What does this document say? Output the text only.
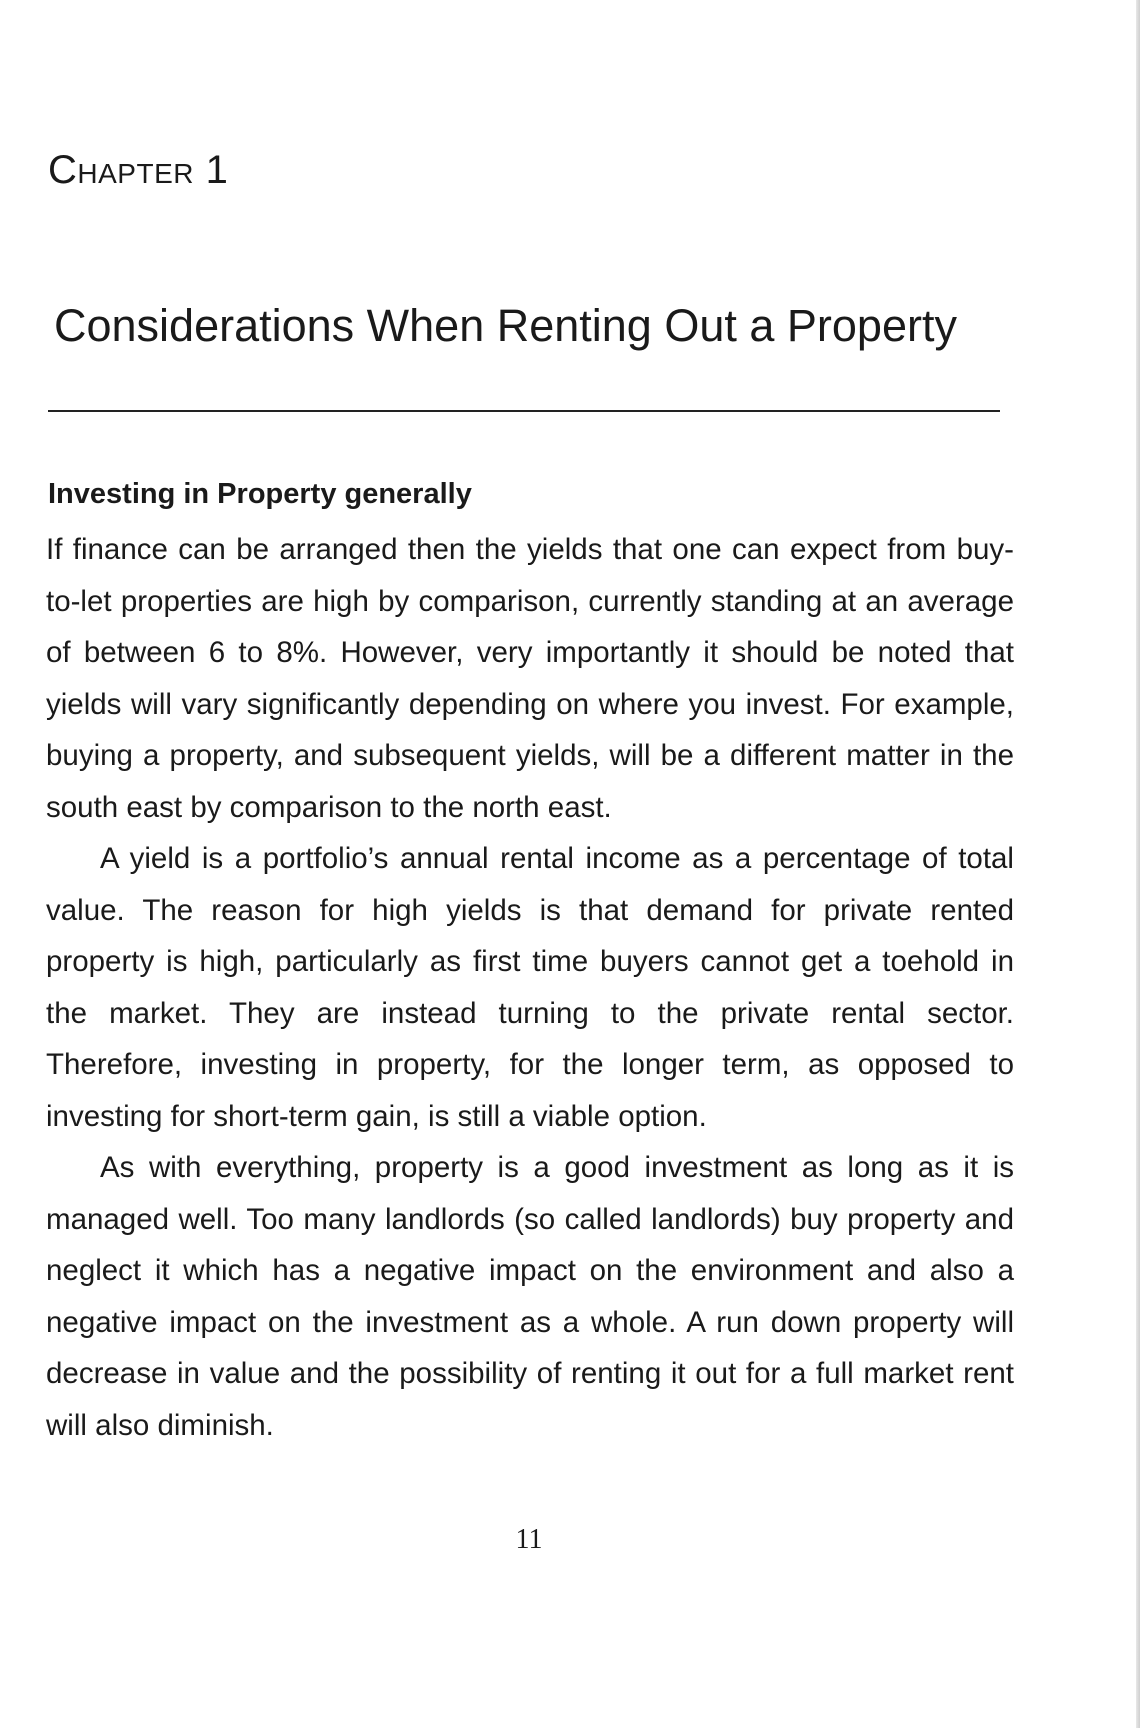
Chapter 1
Considerations When Renting Out a Property
Investing in Property generally

If finance can be arranged then the yields that one can expect from buy-to-let properties are high by comparison, currently standing at an average of between 6 to 8%. However, very importantly it should be noted that yields will vary significantly depending on where you invest. For example, buying a property, and subsequent yields, will be a different matter in the south east by comparison to the north east.

A yield is a portfolio’s annual rental income as a percentage of total value. The reason for high yields is that demand for private rented property is high, particularly as first time buyers cannot get a toehold in the market. They are instead turning to the private rental sector. Therefore, investing in property, for the longer term, as opposed to investing for short-term gain, is still a viable option.

As with everything, property is a good investment as long as it is managed well. Too many landlords (so called landlords) buy property and neglect it which has a negative impact on the environment and also a negative impact on the investment as a whole. A run down property will decrease in value and the possibility of renting it out for a full market rent will also diminish.

11
